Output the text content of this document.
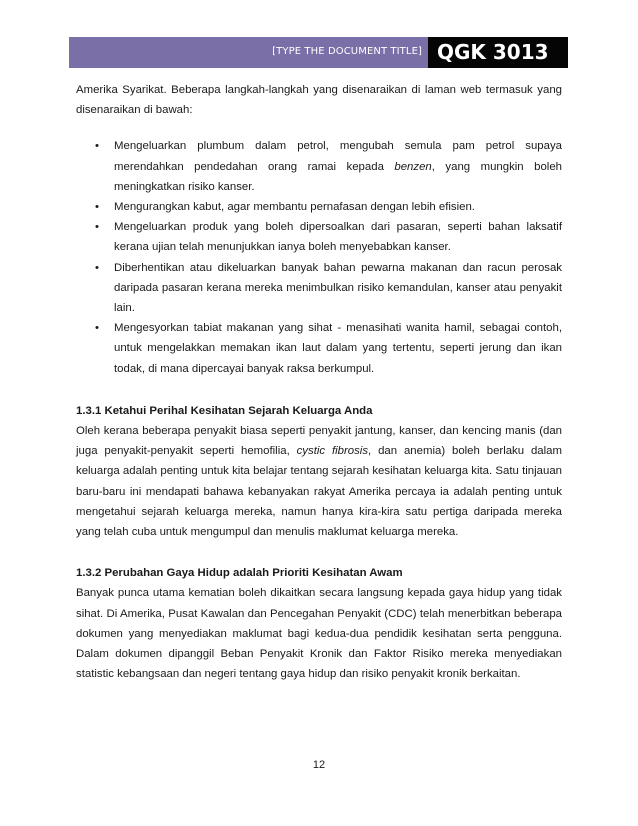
[TYPE THE DOCUMENT TITLE] QGK 3013

Amerika Syarikat. Beberapa langkah-langkah yang disenaraikan di laman web termasuk yang disenaraikan di bawah:

• Mengeluarkan plumbum dalam petrol, mengubah semula pam petrol supaya merendahkan pendedahan orang ramai kepada benzen, yang mungkin boleh meningkatkan risiko kanser.
• Mengurangkan kabut, agar membantu pernafasan dengan lebih efisien.
• Mengeluarkan produk yang boleh dipersoalkan dari pasaran, seperti bahan laksatif kerana ujian telah menunjukkan ianya boleh menyebabkan kanser.
• Diberhentikan atau dikeluarkan banyak bahan pewarna makanan dan racun perosak daripada pasaran kerana mereka menimbulkan risiko kemandulan, kanser atau penyakit lain.
• Mengesyorkan tabiat makanan yang sihat - menasihati wanita hamil, sebagai contoh, untuk mengelakkan memakan ikan laut dalam yang tertentu, seperti jerung dan ikan todak, di mana dipercayai banyak raksa berkumpul.

1.3.1 Ketahui Perihal Kesihatan Sejarah Keluarga Anda

Oleh kerana beberapa penyakit biasa seperti penyakit jantung, kanser, dan kencing manis (dan juga penyakit-penyakit seperti hemofilia, cystic fibrosis, dan anemia) boleh berlaku dalam keluarga adalah penting untuk kita belajar tentang sejarah kesihatan keluarga kita. Satu tinjauan baru-baru ini mendapati bahawa kebanyakan rakyat Amerika percaya ia adalah penting untuk mengetahui sejarah keluarga mereka, namun hanya kira-kira satu pertiga daripada mereka yang telah cuba untuk mengumpul dan menulis maklumat keluarga mereka.

1.3.2 Perubahan Gaya Hidup adalah Prioriti Kesihatan Awam

Banyak punca utama kematian boleh dikaitkan secara langsung kepada gaya hidup yang tidak sihat. Di Amerika, Pusat Kawalan dan Pencegahan Penyakit (CDC) telah menerbitkan beberapa dokumen yang menyediakan maklumat bagi kedua-dua pendidik kesihatan serta pengguna. Dalam dokumen dipanggil Beban Penyakit Kronik dan Faktor Risiko mereka menyediakan statistic kebangsaan dan negeri tentang gaya hidup dan risiko penyakit kronik berkaitan.

12
